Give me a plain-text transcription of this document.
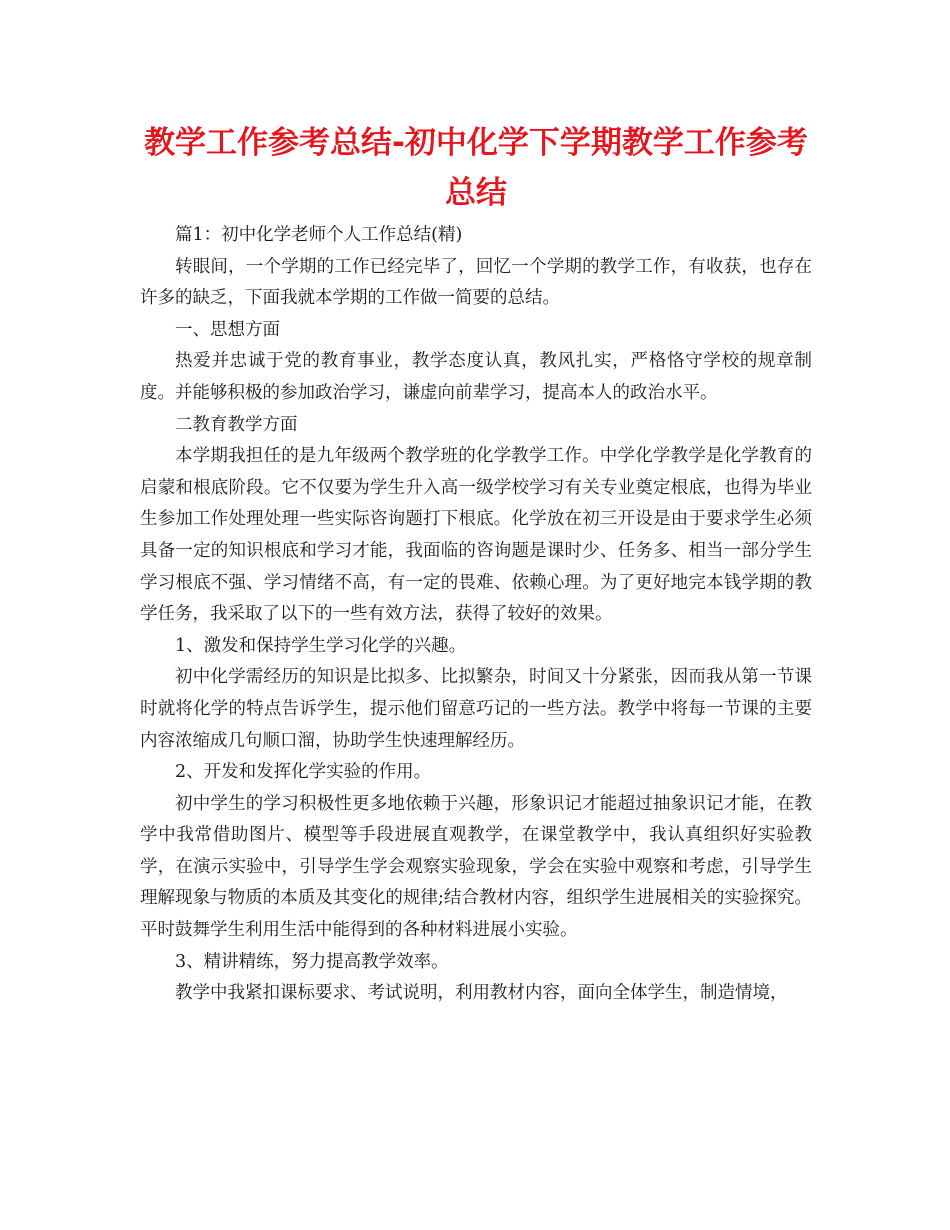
教学工作参考总结-初中化学下学期教学工作参考总结

篇1：初中化学老师个人工作总结(精)

转眼间，一个学期的工作已经完毕了，回忆一个学期的教学工作，有收获，也存在许多的缺乏，下面我就本学期的工作做一简要的总结。

一、思想方面

热爱并忠诚于党的教育事业，教学态度认真，教风扎实，严格恪守学校的规章制度。并能够积极的参加政治学习，谦虚向前辈学习，提高本人的政治水平。

二教育教学方面

本学期我担任的是九年级两个教学班的化学教学工作。中学化学教学是化学教育的启蒙和根底阶段。它不仅要为学生升入高一级学校学习有关专业奠定根底，也得为毕业生参加工作处理处理一些实际咨询题打下根底。化学放在初三开设是由于要求学生必须具备一定的知识根底和学习才能，我面临的咨询题是课时少、任务多、相当一部分学生学习根底不强、学习情绪不高，有一定的畏难、依赖心理。为了更好地完本钱学期的教学任务，我采取了以下的一些有效方法，获得了较好的效果。

1、激发和保持学生学习化学的兴趣。

初中化学需经历的知识是比拟多、比拟繁杂，时间又十分紧张，因而我从第一节课时就将化学的特点告诉学生，提示他们留意巧记的一些方法。教学中将每一节课的主要内容浓缩成几句顺口溜，协助学生快速理解经历。

2、开发和发挥化学实验的作用。

初中学生的学习积极性更多地依赖于兴趣，形象识记才能超过抽象识记才能，在教学中我常借助图片、模型等手段进展直观教学，在课堂教学中，我认真组织好实验教学，在演示实验中，引导学生学会观察实验现象，学会在实验中观察和考虑，引导学生理解现象与物质的本质及其变化的规律;结合教材内容，组织学生进展相关的实验探究。平时鼓舞学生利用生活中能得到的各种材料进展小实验。

3、精讲精练，努力提高教学效率。

教学中我紧扣课标要求、考试说明，利用教材内容，面向全体学生，制造情境，
